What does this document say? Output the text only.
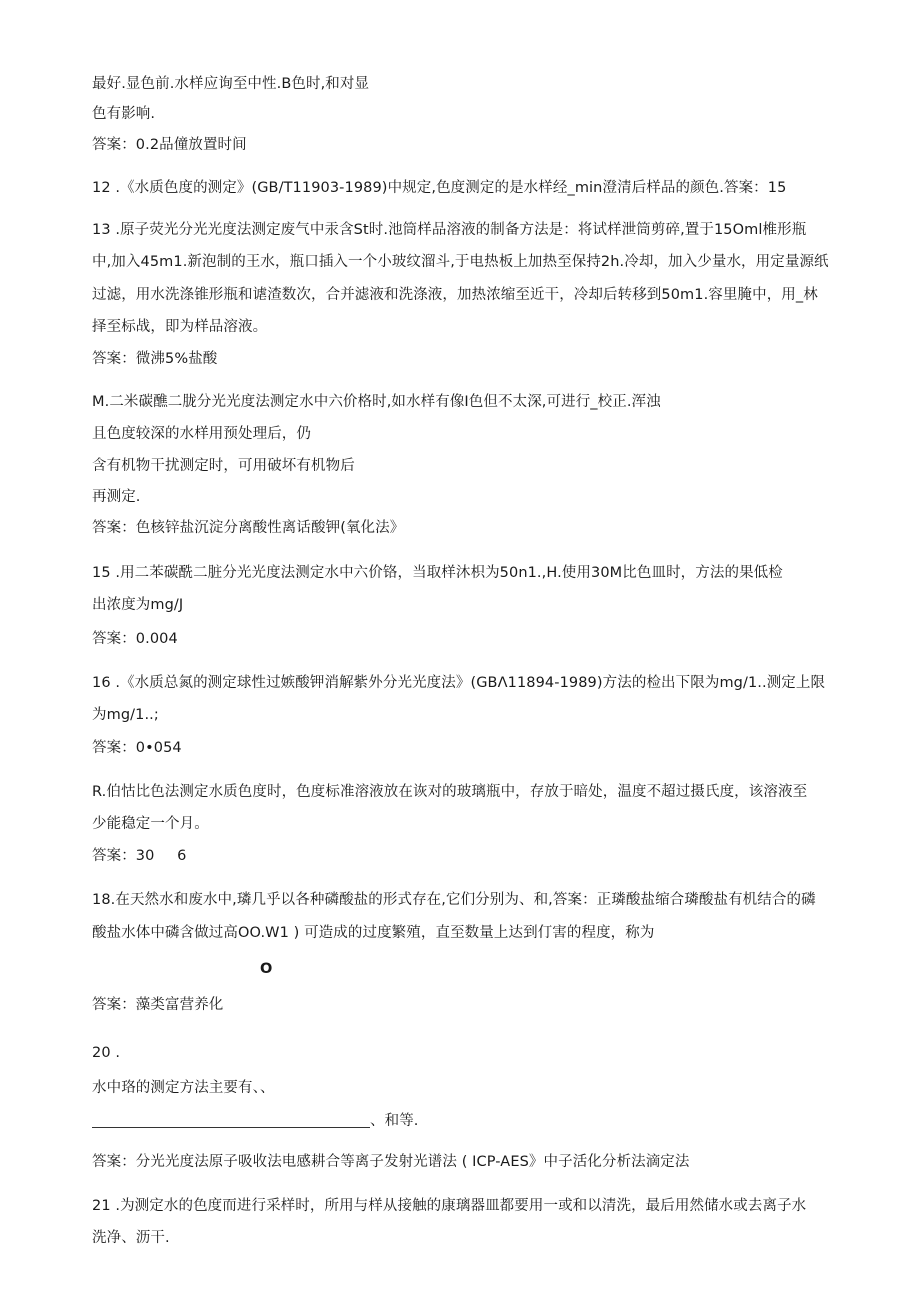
最好.显色前.水样应询至中性.B色时,和对显
色有影响.
答案：0.2品僮放置时间
12 .《水质色度的测定》(GB/T11903-1989)中规定,色度测定的是水样经_min澄清后样品的颜色.答案：15
13 .原子荧光分光光度法测定废气中汞含St时.池筒样品溶液的制备方法是：将试样泄筒剪碎,置于15Oml椎形瓶
中,加入45m1.新泡制的王水，瓶口插入一个小玻纹溜斗,于电热板上加热至保持2h.冷却，加入少量水，用定量源纸
过滤，用水洗涤锥形瓶和谑渣数次，合并滤液和洗涤液，加热浓缩至近干，冷却后转移到50m1.容里腌中，用_林
择至标战，即为样品溶液。
答案：微沸5%盐酸
M.二米碳醮二胧分光光度法测定水中六价格时,如水样有像I色但不太深,可进行_校正.浑浊
且色度较深的水样用预处理后，仍
含有机物干扰测定时，可用破坏有机物后
再测定.
答案：色核锌盐沉淀分离酸性离话酸钾(氧化法》
15 .用二苯碳酰二脏分光光度法测定水中六价铬，当取样沐枳为50n1.,H.使用30M比色皿时，方法的果低检
出浓度为mg/J
答案：0.004
16 .《水质总氮的测定球性过嫉酸钾消解紫外分光光度法》(GBΛ11894-1989)方法的检出下限为mg/1..测定上限
为mg/1..;
答案：0•054
R.伯怙比色法测定水质色度时，色度标准溶液放在诙对的玻璃瓶中，存放于暗处，温度不超过摄氏度，该溶液至
少能稳定一个月。
答案：30 6
18.在天然水和废水中,璘几乎以各种磷酸盐的形式存在,它们分别为、和,答案：正璘酸盐缩合璘酸盐有机结合的磷
酸盐水体中磷含做过高OO.W1 ) 可造成的过度繁殖，直至数量上达到仃害的程度，称为
O
答案：藻类富营养化
20 .
水中珞的测定方法主要有、、
、和等.
答案：分光光度法原子吸收法电感耕合等离子发射光谱法 ( ICP-AES》中子活化分析法滴定法
21 .为测定水的色度而进行采样时，所用与样从接触的康璃器皿都要用一或和以清洗，最后用然储水或去离子水
洗净、沥干.
